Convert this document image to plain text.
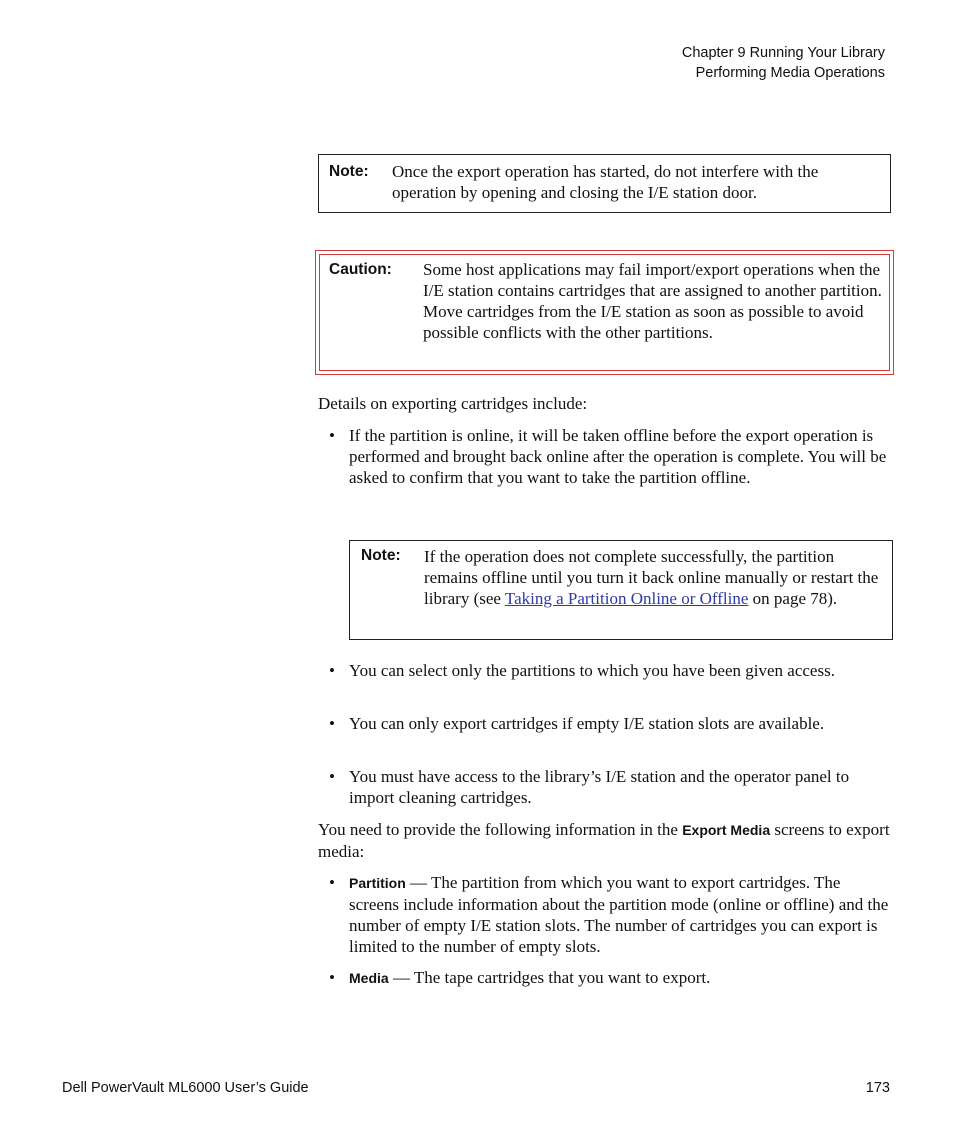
Chapter 9 Running Your Library
Performing Media Operations
Note: Once the export operation has started, do not interfere with the operation by opening and closing the I/E station door.
Caution: Some host applications may fail import/export operations when the I/E station contains cartridges that are assigned to another partition. Move cartridges from the I/E station as soon as possible to avoid possible conflicts with the other partitions.
Details on exporting cartridges include:
• If the partition is online, it will be taken offline before the export operation is performed and brought back online after the operation is complete. You will be asked to confirm that you want to take the partition offline.
Note: If the operation does not complete successfully, the partition remains offline until you turn it back online manually or restart the library (see Taking a Partition Online or Offline on page 78).
• You can select only the partitions to which you have been given access.
• You can only export cartridges if empty I/E station slots are available.
• You must have access to the library’s I/E station and the operator panel to import cleaning cartridges.
You need to provide the following information in the Export Media screens to export media:
• Partition — The partition from which you want to export cartridges. The screens include information about the partition mode (online or offline) and the number of empty I/E station slots. The number of cartridges you can export is limited to the number of empty slots.
• Media — The tape cartridges that you want to export.
Dell PowerVault ML6000 User’s Guide	173
